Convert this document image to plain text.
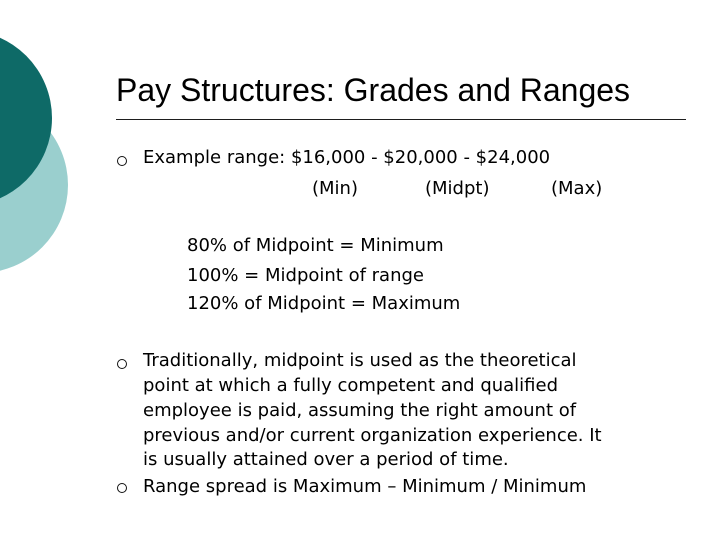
Pay Structures: Grades and Ranges

Example range: $16,000 - $20,000 - $24,000

(Min)	(Midpt)	(Max)

80% of Midpoint = Minimum

100% = Midpoint of range

120% of Midpoint = Maximum

Traditionally, midpoint is used as the theoretical

point at which a fully competent and qualified

employee is paid, assuming the right amount of

previous and/or current organization experience. It

is usually attained over a period of time.

Range spread is Maximum – Minimum / Minimum
